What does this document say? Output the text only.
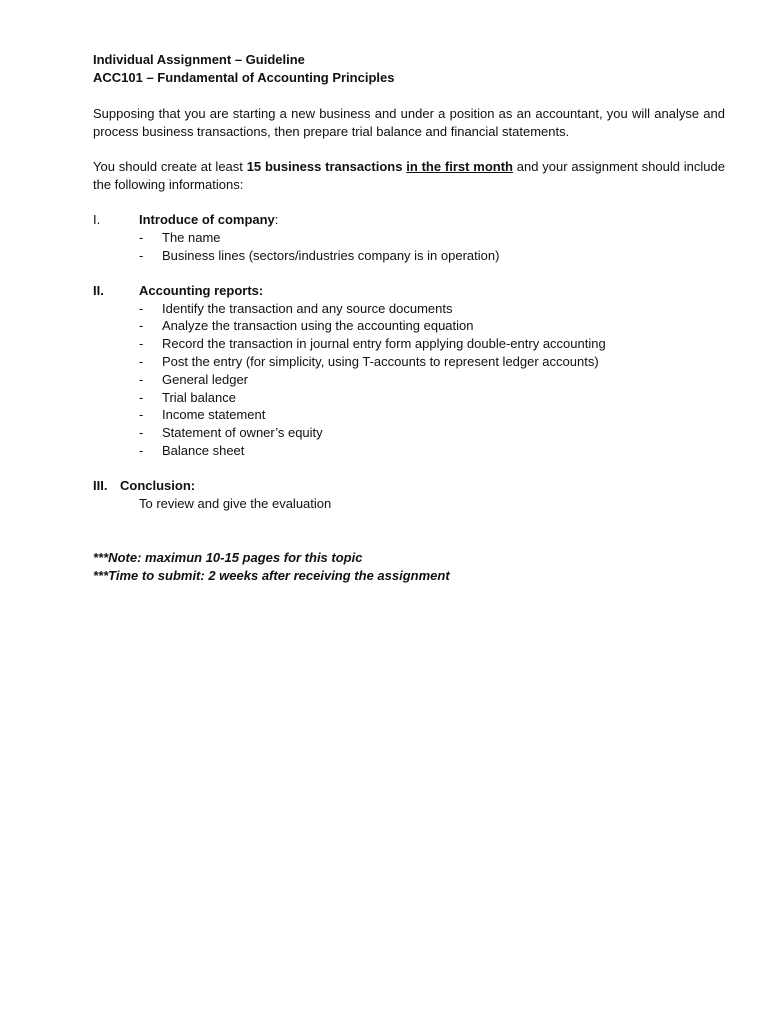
Individual Assignment – Guideline

ACC101 – Fundamental of Accounting Principles

Supposing that you are starting a new business and under a position as an accountant, you will analyse and process business transactions, then prepare trial balance and financial statements.

You should create at least 15 business transactions in the first month and your assignment should include the following informations:

I.	Introduce of company:
-	The name
-	Business lines (sectors/industries company is in operation)
II.	Accounting reports:
-	Identify the transaction and any source documents
-	Analyze the transaction using the accounting equation
-	Record the transaction in journal entry form applying double-entry accounting
-	Post the entry (for simplicity, using T-accounts to represent ledger accounts)
-	General ledger
-	Trial balance
-	Income statement
-	Statement of owner’s equity
-	Balance sheet
III. Conclusion:
To review and give the evaluation
***Note: maximun 10-15 pages for this topic
***Time to submit: 2 weeks after receiving the assignment
